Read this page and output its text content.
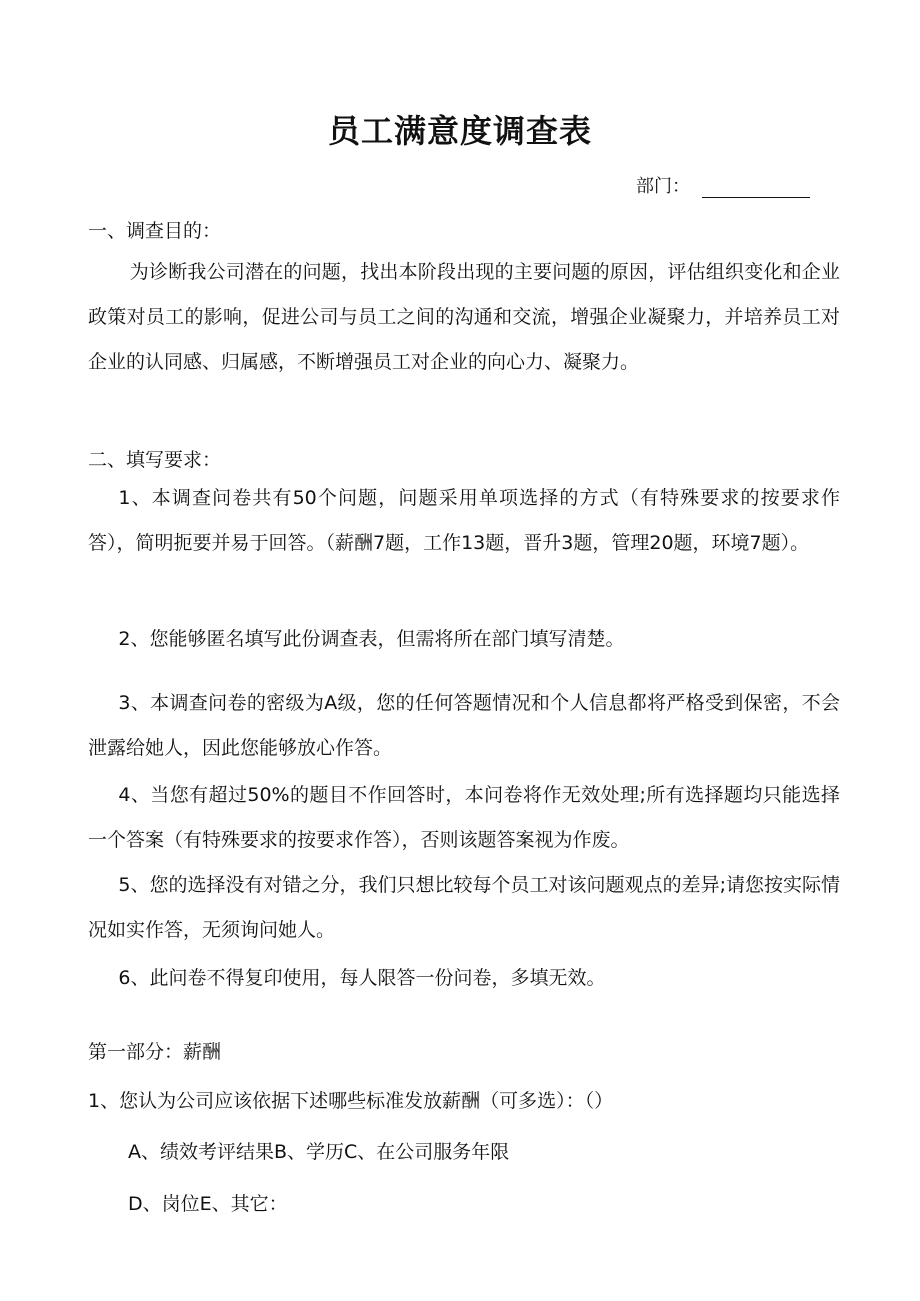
员工满意度调查表
部门：
一、调查目的：
为诊断我公司潜在的问题，找出本阶段出现的主要问题的原因，评估组织变化和企业政策对员工的影响，促进公司与员工之间的沟通和交流，增强企业凝聚力，并培养员工对企业的认同感、归属感，不断增强员工对企业的向心力、凝聚力。
二、填写要求：
1、本调查问卷共有50个问题，问题采用单项选择的方式（有特殊要求的按要求作答），简明扼要并易于回答。（薪酬7题，工作13题，晋升3题，管理20题，环境7题）。
2、您能够匿名填写此份调查表，但需将所在部门填写清楚。
3、本调查问卷的密级为A级，您的任何答题情况和个人信息都将严格受到保密，不会泄露给她人，因此您能够放心作答。
4、当您有超过50%的题目不作回答时，本问卷将作无效处理;所有选择题均只能选择一个答案（有特殊要求的按要求作答），否则该题答案视为作废。
5、您的选择没有对错之分，我们只想比较每个员工对该问题观点的差异;请您按实际情况如实作答，无须询问她人。
6、此问卷不得复印使用，每人限答一份问卷，多填无效。
第一部分：薪酬
1、您认为公司应该依据下述哪些标准发放薪酬（可多选）：（）
A、绩效考评结果B、学历C、在公司服务年限
D、岗位E、其它：
